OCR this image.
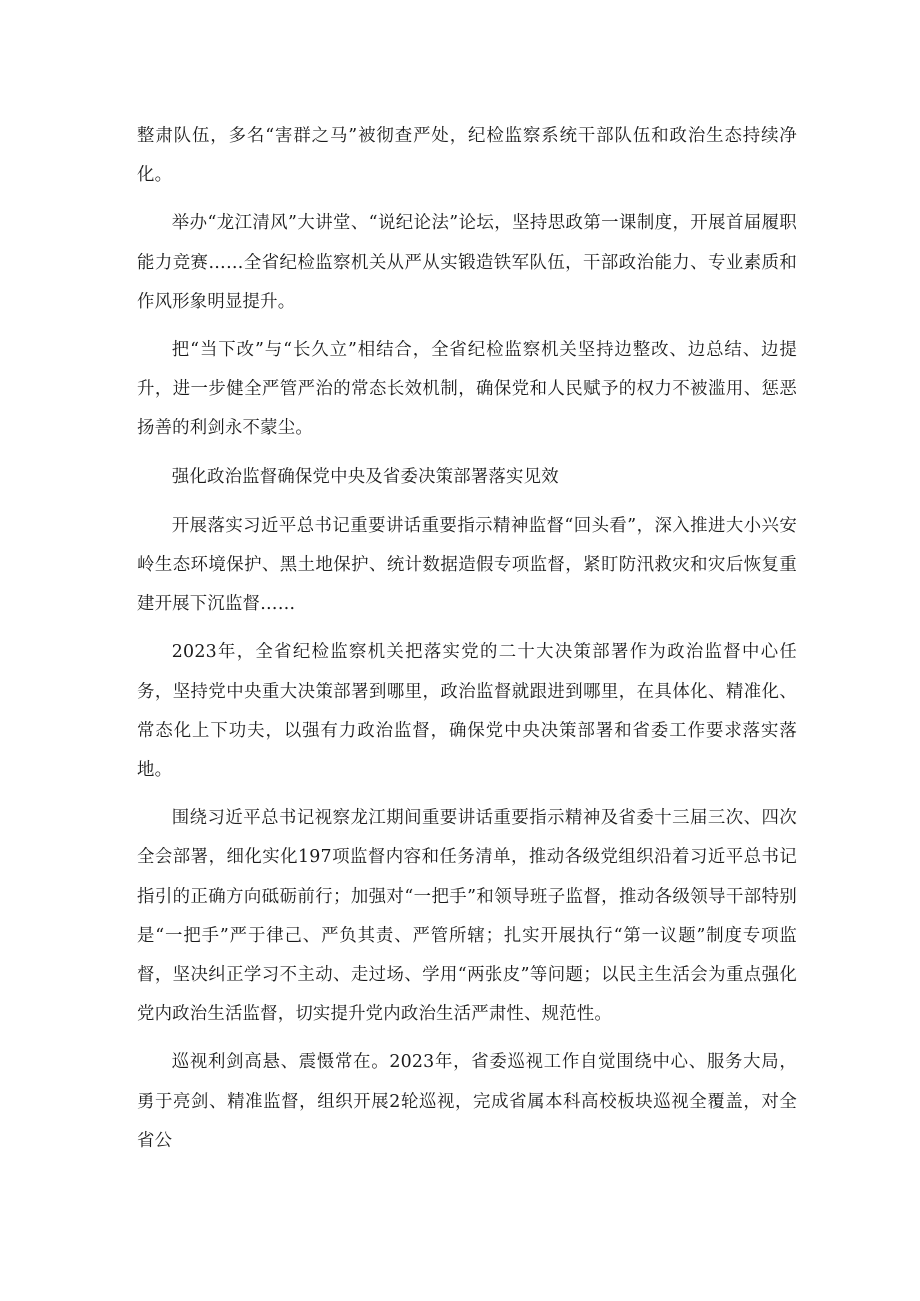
整肃队伍，多名“害群之马”被彻查严处，纪检监察系统干部队伍和政治生态持续净化。

举办“龙江清风”大讲堂、“说纪论法”论坛，坚持思政第一课制度，开展首届履职能力竞赛……全省纪检监察机关从严从实锻造铁军队伍，干部政治能力、专业素质和作风形象明显提升。

把“当下改”与“长久立”相结合，全省纪检监察机关坚持边整改、边总结、边提升，进一步健全严管严治的常态长效机制，确保党和人民赋予的权力不被滥用、惩恶扬善的利剑永不蒙尘。

强化政治监督确保党中央及省委决策部署落实见效

开展落实习近平总书记重要讲话重要指示精神监督“回头看”，深入推进大小兴安岭生态环境保护、黑土地保护、统计数据造假专项监督，紧盯防汛救灾和灾后恢复重建开展下沉监督……

2023年，全省纪检监察机关把落实党的二十大决策部署作为政治监督中心任务，坚持党中央重大决策部署到哪里，政治监督就跟进到哪里，在具体化、精准化、常态化上下功夫，以强有力政治监督，确保党中央决策部署和省委工作要求落实落地。

围绕习近平总书记视察龙江期间重要讲话重要指示精神及省委十三届三次、四次全会部署，细化实化197项监督内容和任务清单，推动各级党组织沿着习近平总书记指引的正确方向砥砺前行；加强对“一把手”和领导班子监督，推动各级领导干部特别是“一把手”严于律己、严负其责、严管所辖；扎实开展执行“第一议题”制度专项监督，坚决纠正学习不主动、走过场、学用“两张皮”等问题；以民主生活会为重点强化党内政治生活监督，切实提升党内政治生活严肃性、规范性。

巡视利剑高悬、震慑常在。2023年，省委巡视工作自觉围绕中心、服务大局，勇于亮剑、精准监督，组织开展2轮巡视，完成省属本科高校板块巡视全覆盖，对全省公
